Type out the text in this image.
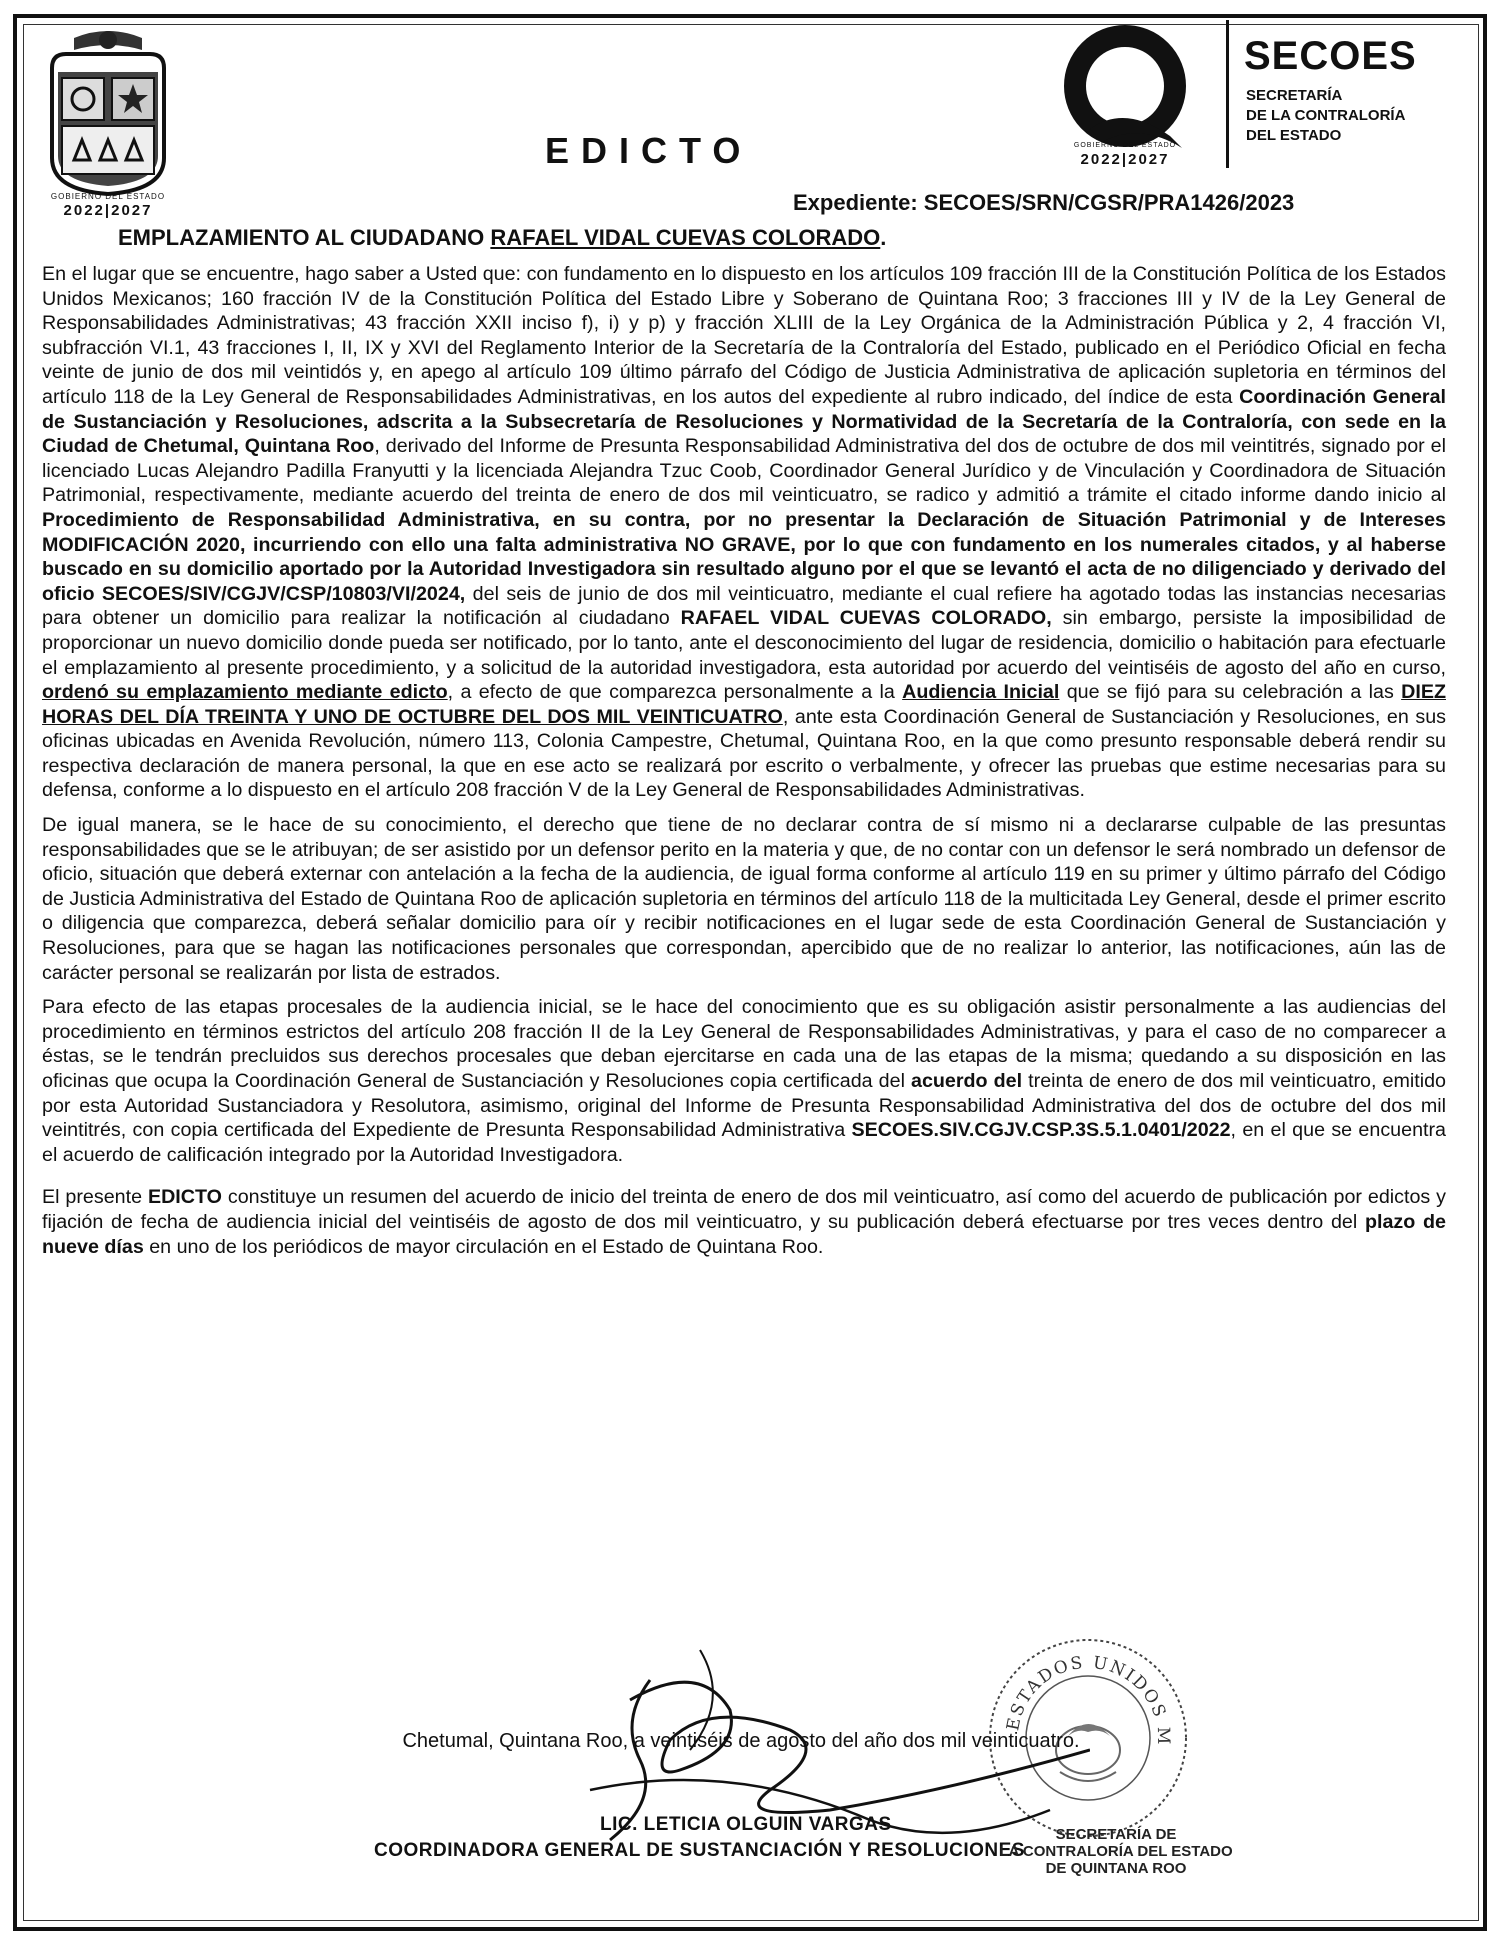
GOBIERNO DEL ESTADO
2022|2027
EDICTO	GOBIERNO DEL ESTADO
2022|2027
SECOES
SECRETARÍA
DE LA CONTRALORÍA
DEL ESTADO
Expediente: SECOES/SRN/CGSR/PRA1426/2023
EMPLAZAMIENTO AL CIUDADANO RAFAEL VIDAL CUEVAS COLORADO.

En el lugar que se encuentre, hago saber a Usted que: con fundamento en lo dispuesto en los artículos 109 fracción III de la Constitución Política de los Estados Unidos Mexicanos; 160 fracción IV de la Constitución Política del Estado Libre y Soberano de Quintana Roo; 3 fracciones III y IV de la Ley General de Responsabilidades Administrativas; 43 fracción XXII inciso f), i) y p) y fracción XLIII de la Ley Orgánica de la Administración Pública y 2, 4 fracción VI, subfracción VI.1, 43 fracciones I, II, IX y XVI del Reglamento Interior de la Secretaría de la Contraloría del Estado, publicado en el Periódico Oficial en fecha veinte de junio de dos mil veintidós y, en apego al artículo 109 último párrafo del Código de Justicia Administrativa de aplicación supletoria en términos del artículo 118 de la Ley General de Responsabilidades Administrativas, en los autos del expediente al rubro indicado, del índice de esta Coordinación General de Sustanciación y Resoluciones, adscrita a la Subsecretaría de Resoluciones y Normatividad de la Secretaría de la Contraloría, con sede en la Ciudad de Chetumal, Quintana Roo, derivado del Informe de Presunta Responsabilidad Administrativa del dos de octubre de dos mil veintitrés, signado por el licenciado Lucas Alejandro Padilla Franyutti y la licenciada Alejandra Tzuc Coob, Coordinador General Jurídico y de Vinculación y Coordinadora de Situación Patrimonial, respectivamente, mediante acuerdo del treinta de enero de dos mil veinticuatro, se radico y admitió a trámite el citado informe dando inicio al Procedimiento de Responsabilidad Administrativa, en su contra, por no presentar la Declaración de Situación Patrimonial y de Intereses MODIFICACIÓN 2020, incurriendo con ello una falta administrativa NO GRAVE, por lo que con fundamento en los numerales citados, y al haberse buscado en su domicilio aportado por la Autoridad Investigadora sin resultado alguno por el que se levantó el acta de no diligenciado y derivado del oficio SECOES/SIV/CGJV/CSP/10803/VI/2024, del seis de junio de dos mil veinticuatro, mediante el cual refiere ha agotado todas las instancias necesarias para obtener un domicilio para realizar la notificación al ciudadano RAFAEL VIDAL CUEVAS COLORADO, sin embargo, persiste la imposibilidad de proporcionar un nuevo domicilio donde pueda ser notificado, por lo tanto, ante el desconocimiento del lugar de residencia, domicilio o habitación para efectuarle el emplazamiento al presente procedimiento, y a solicitud de la autoridad investigadora, esta autoridad por acuerdo del veintiséis de agosto del año en curso, ordenó su emplazamiento mediante edicto, a efecto de que comparezca personalmente a la Audiencia Inicial que se fijó para su celebración a las DIEZ HORAS DEL DÍA TREINTA Y UNO DE OCTUBRE DEL DOS MIL VEINTICUATRO, ante esta Coordinación General de Sustanciación y Resoluciones, en sus oficinas ubicadas en Avenida Revolución, número 113, Colonia Campestre, Chetumal, Quintana Roo, en la que como presunto responsable deberá rendir su respectiva declaración de manera personal, la que en ese acto se realizará por escrito o verbalmente, y ofrecer las pruebas que estime necesarias para su defensa, conforme a lo dispuesto en el artículo 208 fracción V de la Ley General de Responsabilidades Administrativas.

De igual manera, se le hace de su conocimiento, el derecho que tiene de no declarar contra de sí mismo ni a declararse culpable de las presuntas responsabilidades que se le atribuyan; de ser asistido por un defensor perito en la materia y que, de no contar con un defensor le será nombrado un defensor de oficio, situación que deberá externar con antelación a la fecha de la audiencia, de igual forma conforme al artículo 119 en su primer y último párrafo del Código de Justicia Administrativa del Estado de Quintana Roo de aplicación supletoria en términos del artículo 118 de la multicitada Ley General, desde el primer escrito o diligencia que comparezca, deberá señalar domicilio para oír y recibir notificaciones en el lugar sede de esta Coordinación General de Sustanciación y Resoluciones, para que se hagan las notificaciones personales que correspondan, apercibido que de no realizar lo anterior, las notificaciones, aún las de carácter personal se realizarán por lista de estrados.

Para efecto de las etapas procesales de la audiencia inicial, se le hace del conocimiento que es su obligación asistir personalmente a las audiencias del procedimiento en términos estrictos del artículo 208 fracción II de la Ley General de Responsabilidades Administrativas, y para el caso de no comparecer a éstas, se le tendrán precluidos sus derechos procesales que deban ejercitarse en cada una de las etapas de la misma; quedando a su disposición en las oficinas que ocupa la Coordinación General de Sustanciación y Resoluciones copia certificada del acuerdo del treinta de enero de dos mil veinticuatro, emitido por esta Autoridad Sustanciadora y Resolutora, asimismo, original del Informe de Presunta Responsabilidad Administrativa del dos de octubre del dos mil veintitrés, con copia certificada del Expediente de Presunta Responsabilidad Administrativa SECOES.SIV.CGJV.CSP.3S.5.1.0401/2022, en el que se encuentra el acuerdo de calificación integrado por la Autoridad Investigadora.

El presente EDICTO constituye un resumen del acuerdo de inicio del treinta de enero de dos mil veinticuatro, así como del acuerdo de publicación por edictos y fijación de fecha de audiencia inicial del veintiséis de agosto de dos mil veinticuatro, y su publicación deberá efectuarse por tres veces dentro del plazo de nueve días en uno de los periódicos de mayor circulación en el Estado de Quintana Roo.

ESTADOS UNIDOS M
Chetumal, Quintana Roo, a veintiséis de agosto del año dos mil veinticuatro.
LIC. LETICIA OLGUIN VARGAS
COORDINADORA GENERAL DE SUSTANCIACIÓN Y RESOLUCIONES
SECRETARÍA DE
LA CONTRALORÍA DEL ESTADO
DE QUINTANA ROO
